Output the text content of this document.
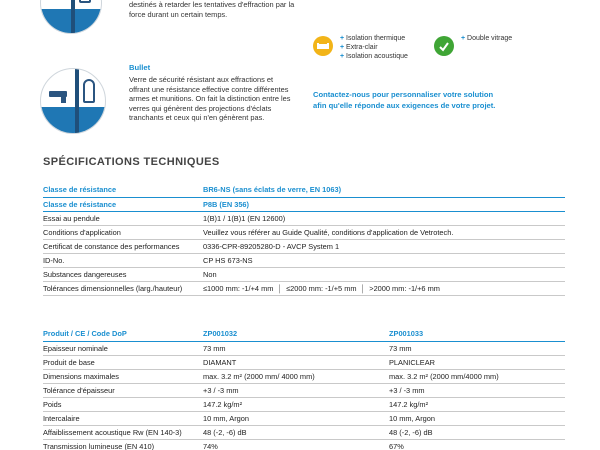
destinés à retarder les tentatives d'effraction par la
force durant un certain temps.
Bullet
Verre de sécurité résistant aux effractions et
offrant une résistance effective contre différentes
armes et munitions. On fait la distinction entre les
verres qui génèrent des projections d'éclats
tranchants et ceux qui n'en génèrent pas.
+ Isolation thermique
+ Extra-clair
+ Isolation acoustique
+ Double vitrage
Contactez-nous pour personnaliser votre solution
afin qu'elle réponde aux exigences de votre projet.
SPÉCIFICATIONS TECHNIQUES
Classe de résistance	BR6-NS (sans éclats de verre, EN 1063)
Classe de résistance	P8B (EN 356)
Essai au pendule	1(B)1 / 1(B)1 (EN 12600)
Conditions d'application	Veuillez vous référer au Guide Qualité, conditions d'application de Vetrotech.
Certificat de constance des performances	0336-CPR-89205280-D - AVCP System 1
ID-No.	CP HS 673-NS
Substances dangereuses	Non
Tolérances dimensionnelles (larg./hauteur)	≤1000 mm: -1/+4 mm │ ≤2000 mm: -1/+5 mm │ >2000 mm: -1/+6 mm
Produit / CE / Code DoP	ZP001032	ZP001033
Epaisseur nominale	73 mm	73 mm
Produit de base	DIAMANT	PLANICLEAR
Dimensions maximales	max. 3.2 m² (2000 mm/ 4000 mm)	max. 3.2 m² (2000 mm/4000 mm)
Tolérance d'épaisseur	+3 / -3 mm	+3 / -3 mm
Poids	147.2 kg/m²	147.2 kg/m²
Intercalaire	10 mm, Argon	10 mm, Argon
Affaiblissement acoustique Rw (EN 140-3)	48 (-2, -6) dB	48 (-2, -6) dB
Transmission lumineuse (EN 410)	74%	67%
